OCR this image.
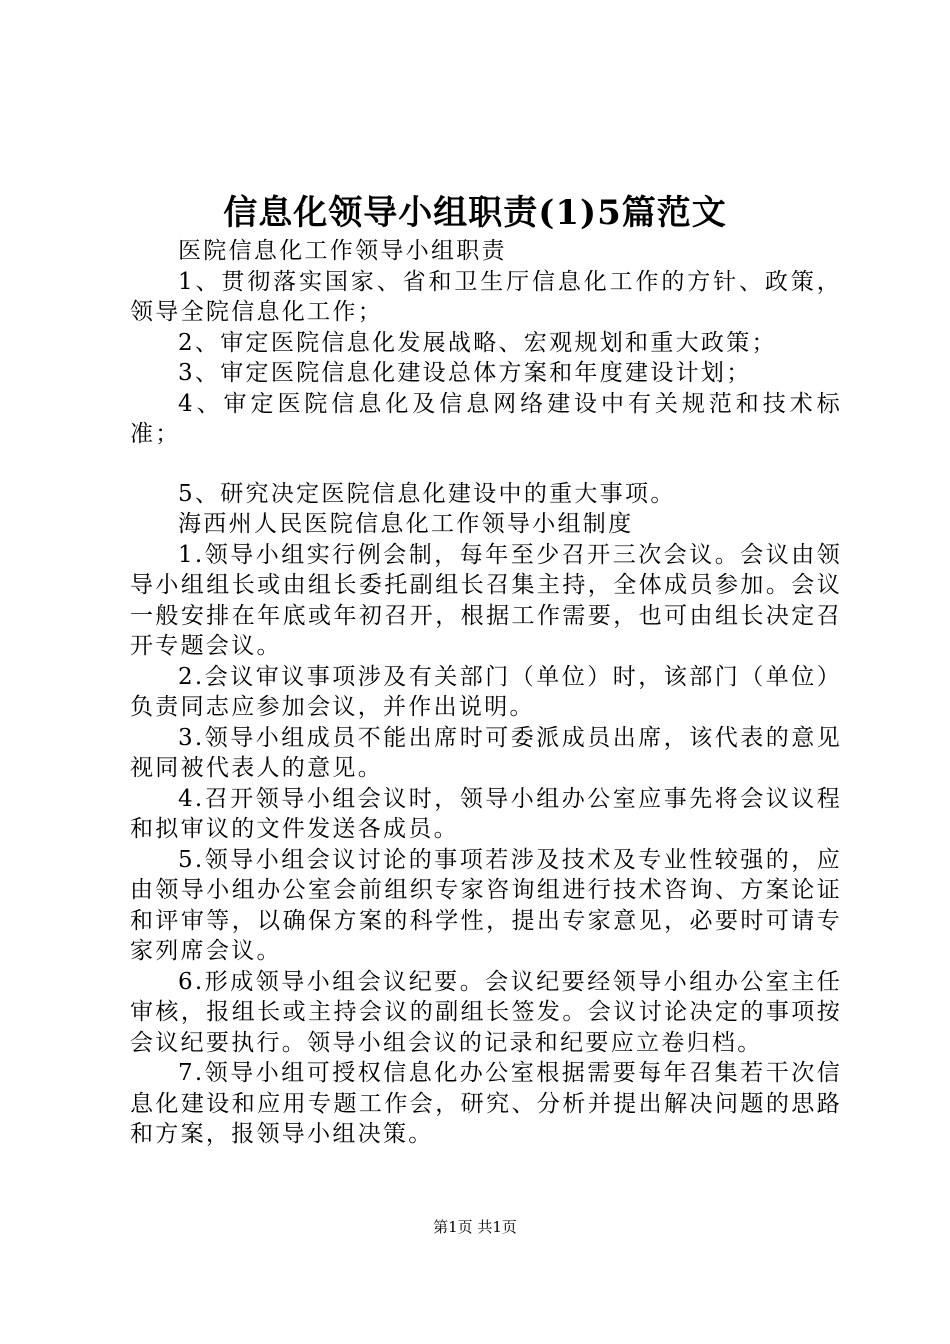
信息化领导小组职责(1)5篇范文

医院信息化工作领导小组职责

1、贯彻落实国家、省和卫生厅信息化工作的方针、政策，领导全院信息化工作；

2、审定医院信息化发展战略、宏观规划和重大政策；

3、审定医院信息化建设总体方案和年度建设计划；

4、审定医院信息化及信息网络建设中有关规范和技术标准；

5、研究决定医院信息化建设中的重大事项。

海西州人民医院信息化工作领导小组制度

1.领导小组实行例会制，每年至少召开三次会议。会议由领导小组组长或由组长委托副组长召集主持，全体成员参加。会议一般安排在年底或年初召开，根据工作需要，也可由组长决定召开专题会议。

2.会议审议事项涉及有关部门（单位）时，该部门（单位）负责同志应参加会议，并作出说明。

3.领导小组成员不能出席时可委派成员出席，该代表的意见视同被代表人的意见。

4.召开领导小组会议时，领导小组办公室应事先将会议议程和拟审议的文件发送各成员。

5.领导小组会议讨论的事项若涉及技术及专业性较强的，应由领导小组办公室会前组织专家咨询组进行技术咨询、方案论证和评审等，以确保方案的科学性，提出专家意见，必要时可请专家列席会议。

6.形成领导小组会议纪要。会议纪要经领导小组办公室主任审核，报组长或主持会议的副组长签发。会议讨论决定的事项按会议纪要执行。领导小组会议的记录和纪要应立卷归档。

7.领导小组可授权信息化办公室根据需要每年召集若干次信息化建设和应用专题工作会，研究、分析并提出解决问题的思路和方案，报领导小组决策。

第1页 共1页
